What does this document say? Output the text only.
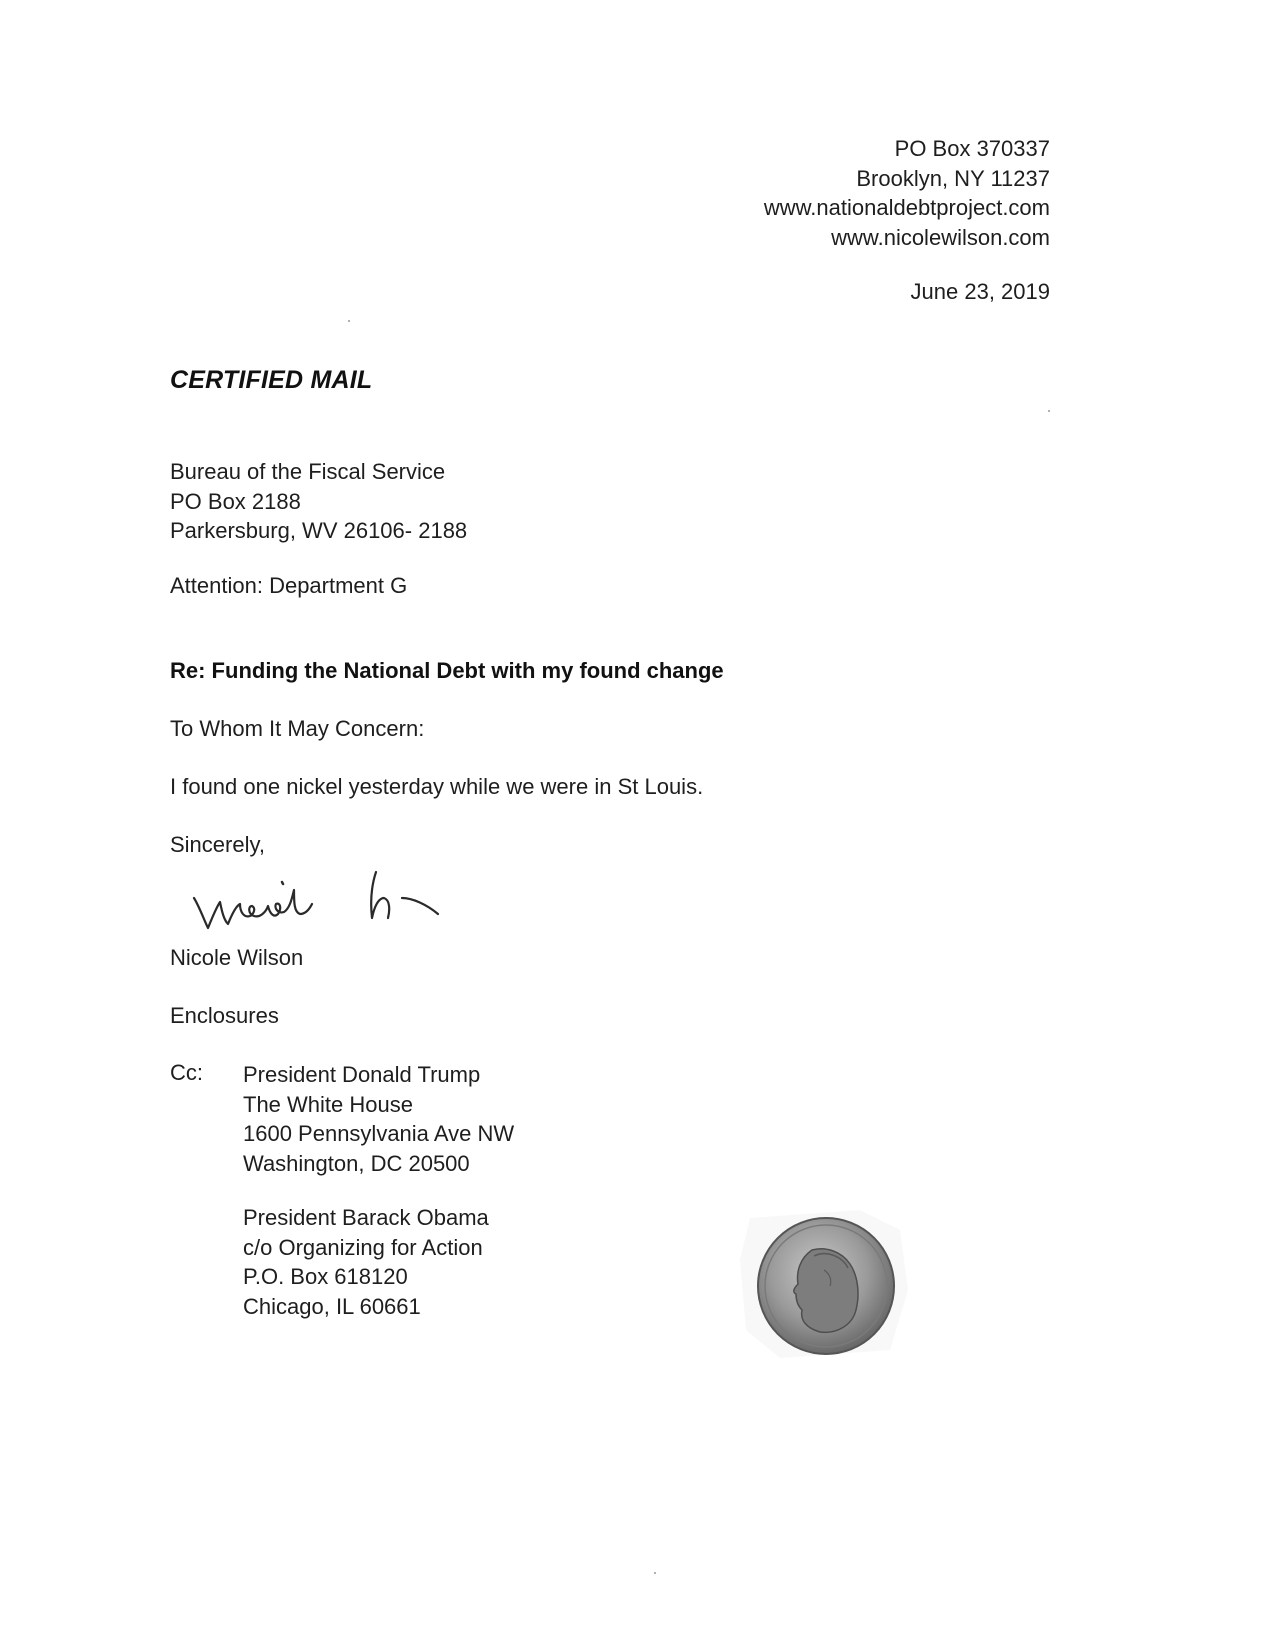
PO Box 370337
Brooklyn, NY 11237
www.nationaldebtproject.com
www.nicolewilson.com
June 23, 2019
CERTIFIED MAIL
Bureau of the Fiscal Service
PO Box 2188
Parkersburg, WV 26106- 2188
Attention: Department G
Re: Funding the National Debt with my found change
To Whom It May Concern:
I found one nickel yesterday while we were in St Louis.
Sincerely,
Nicole Wilson
Enclosures
Cc: President Donald Trump
The White House
1600 Pennsylvania Ave NW
Washington, DC 20500
President Barack Obama
c/o Organizing for Action
P.O. Box 618120
Chicago, IL 60661
